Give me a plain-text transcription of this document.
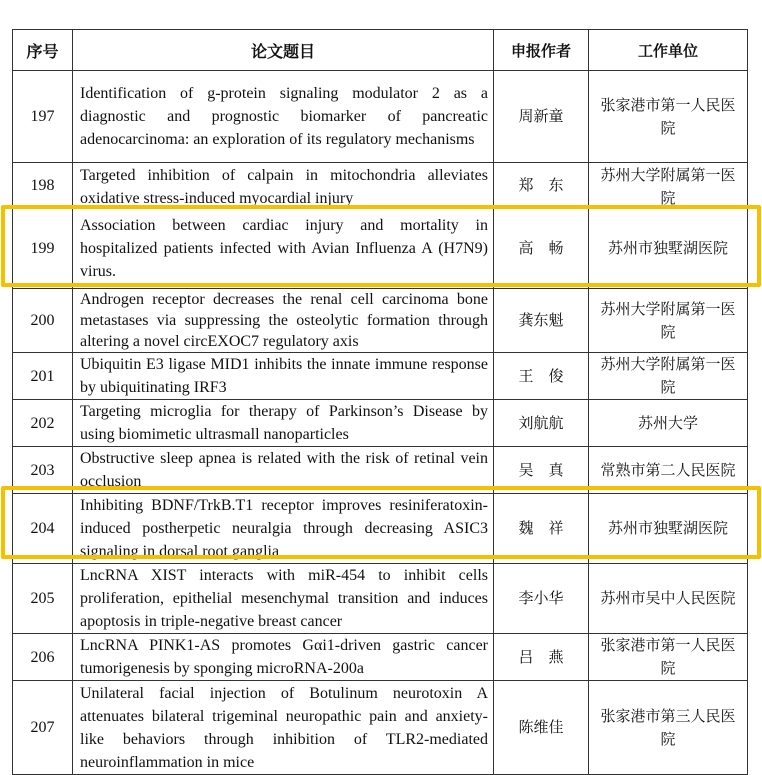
序号	论文题目	申报作者	工作单位
197	Identification of g-protein signaling modulator 2 as a diagnostic and prognostic biomarker of pancreatic adenocarcinoma: an exploration of its regulatory mechanisms	周新童	张家港市第一人民医院

198	Targeted inhibition of calpain in mitochondria alleviates oxidative stress-induced myocardial injury	郑　东	苏州大学附属第一医院

199	Association between cardiac injury and mortality in hospitalized patients infected with Avian Influenza A (H7N9) virus.	高　畅	苏州市独墅湖医院

200	Androgen receptor decreases the renal cell carcinoma bone metastases via suppressing the osteolytic formation through altering a novel circEXOC7 regulatory axis	龚东魁	苏州大学附属第一医院

201	Ubiquitin E3 ligase MID1 inhibits the innate immune response by ubiquitinating IRF3	王　俊	苏州大学附属第一医院

202	Targeting microglia for therapy of Parkinson’s Disease by using biomimetic ultrasmall nanoparticles	刘航航	苏州大学

203	Obstructive sleep apnea is related with the risk of retinal vein occlusion	吴　真	常熟市第二人民医院

204	Inhibiting BDNF/TrkB.T1 receptor improves resiniferatoxin-induced postherpetic neuralgia through decreasing ASIC3 signaling in dorsal root ganglia	魏　祥	苏州市独墅湖医院

205	LncRNA XIST interacts with miR-454 to inhibit cells proliferation, epithelial mesenchymal transition and induces apoptosis in triple-negative breast cancer	李小华	苏州市吴中人民医院

206	LncRNA PINK1-AS promotes Gαi1-driven gastric cancer tumorigenesis by sponging microRNA-200a	吕　燕	张家港市第一人民医院

207	Unilateral facial injection of Botulinum neurotoxin A attenuates bilateral trigeminal neuropathic pain and anxiety-like behaviors through inhibition of TLR2-mediated neuroinflammation in mice	陈维佳	张家港市第三人民医院
